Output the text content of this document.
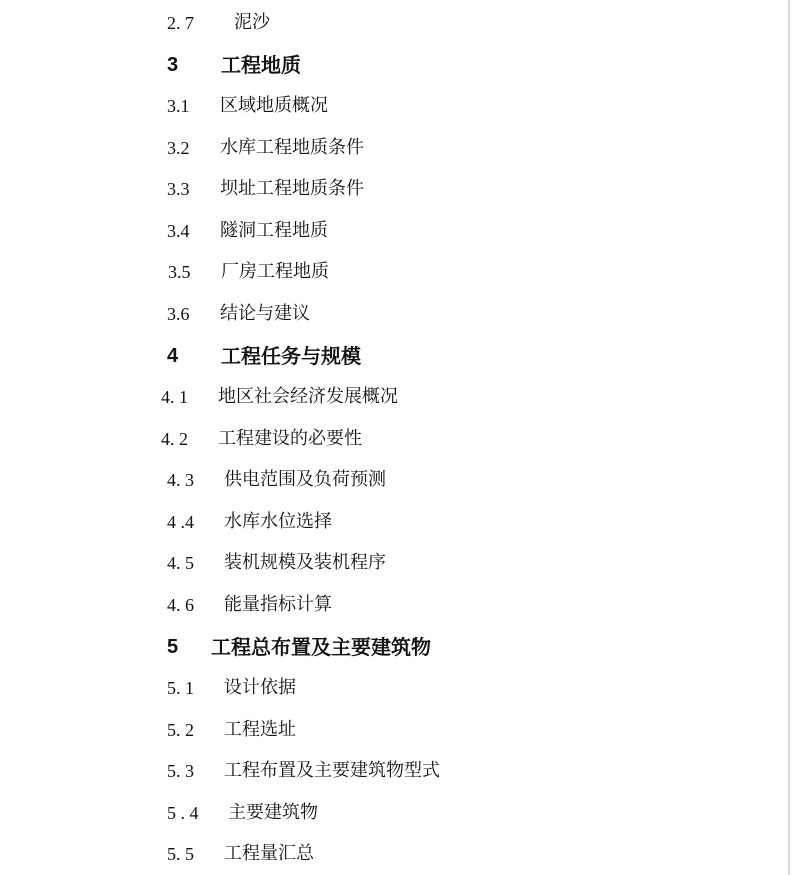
2. 7 泥沙
3 工程地质
3.1 区域地质概况
3.2 水库工程地质条件
3.3 坝址工程地质条件
3.4 隧洞工程地质
3.5 厂房工程地质
3.6 结论与建议
4 工程任务与规模
4. 1 地区社会经济发展概况
4. 2 工程建设的必要性
4. 3 供电范围及负荷预测
4 .4 水库水位选择
4. 5 装机规模及装机程序
4. 6 能量指标计算
5 工程总布置及主要建筑物
5. 1 设计依据
5. 2 工程选址
5. 3 工程布置及主要建筑物型式
5 . 4 主要建筑物
5. 5 工程量汇总
